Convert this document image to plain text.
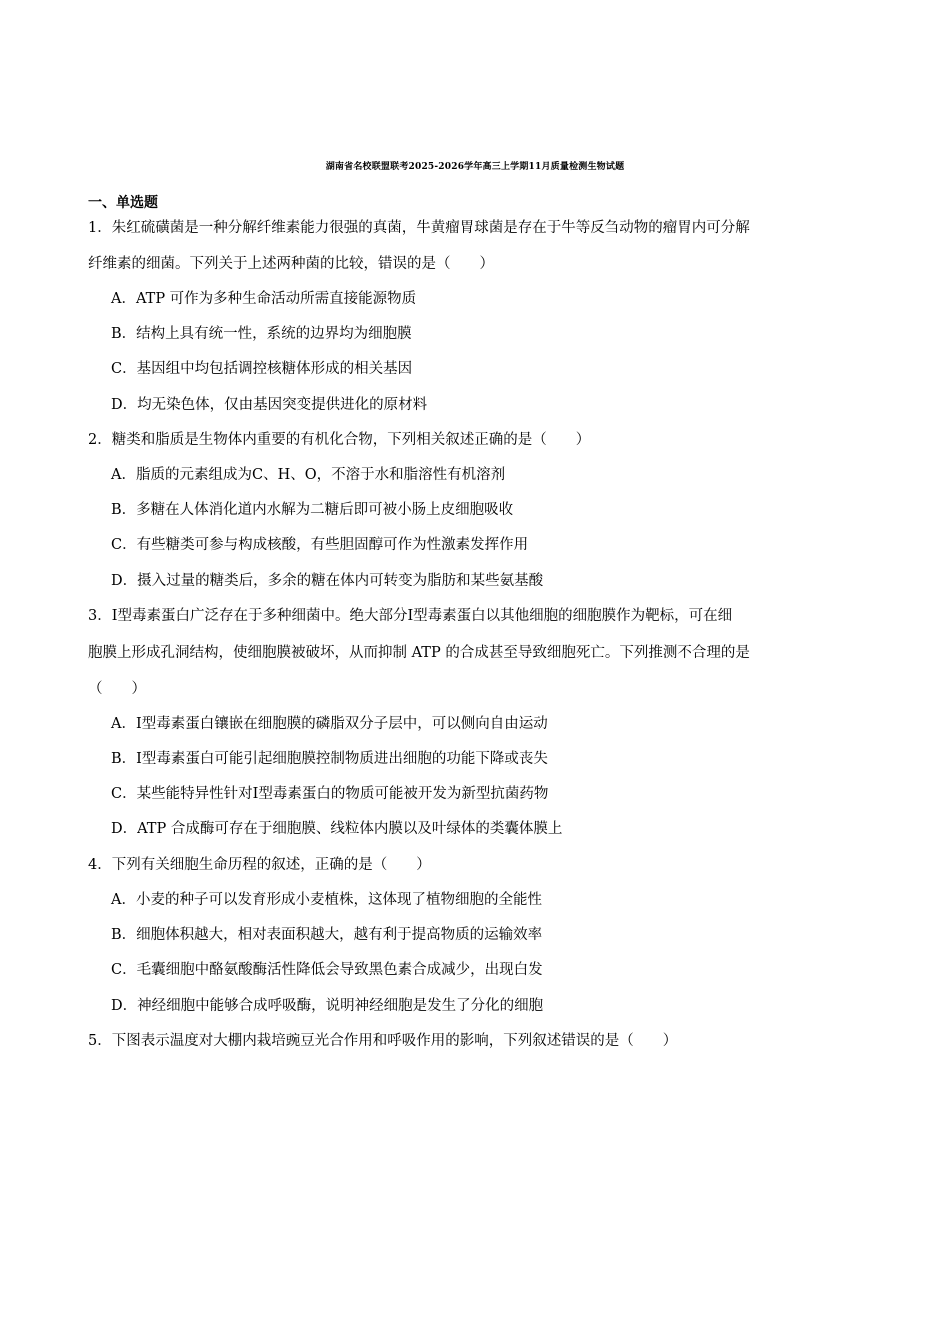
湖南省名校联盟联考2025-2026学年高三上学期11月质量检测生物试题
一、单选题
1．朱红硫磺菌是一种分解纤维素能力很强的真菌，牛黄瘤胃球菌是存在于牛等反刍动物的瘤胃内可分解
纤维素的细菌。下列关于上述两种菌的比较，错误的是（　　）
A．ATP 可作为多种生命活动所需直接能源物质
B．结构上具有统一性，系统的边界均为细胞膜
C．基因组中均包括调控核糖体形成的相关基因
D．均无染色体，仅由基因突变提供进化的原材料
2．糖类和脂质是生物体内重要的有机化合物，下列相关叙述正确的是（　　）
A．脂质的元素组成为C、H、O，不溶于水和脂溶性有机溶剂
B．多糖在人体消化道内水解为二糖后即可被小肠上皮细胞吸收
C．有些糖类可参与构成核酸，有些胆固醇可作为性激素发挥作用
D．摄入过量的糖类后，多余的糖在体内可转变为脂肪和某些氨基酸
3．Ⅰ型毒素蛋白广泛存在于多种细菌中。绝大部分Ⅰ型毒素蛋白以其他细胞的细胞膜作为靶标，可在细
胞膜上形成孔洞结构，使细胞膜被破坏，从而抑制 ATP 的合成甚至导致细胞死亡。下列推测不合理的是
（　　）
A．Ⅰ型毒素蛋白镶嵌在细胞膜的磷脂双分子层中，可以侧向自由运动
B．Ⅰ型毒素蛋白可能引起细胞膜控制物质进出细胞的功能下降或丧失
C．某些能特异性针对Ⅰ型毒素蛋白的物质可能被开发为新型抗菌药物
D．ATP 合成酶可存在于细胞膜、线粒体内膜以及叶绿体的类囊体膜上
4．下列有关细胞生命历程的叙述，正确的是（　　）
A．小麦的种子可以发育形成小麦植株，这体现了植物细胞的全能性
B．细胞体积越大，相对表面积越大，越有利于提高物质的运输效率
C．毛囊细胞中酪氨酸酶活性降低会导致黑色素合成减少，出现白发
D．神经细胞中能够合成呼吸酶，说明神经细胞是发生了分化的细胞
5．下图表示温度对大棚内栽培豌豆光合作用和呼吸作用的影响，下列叙述错误的是（　　）
